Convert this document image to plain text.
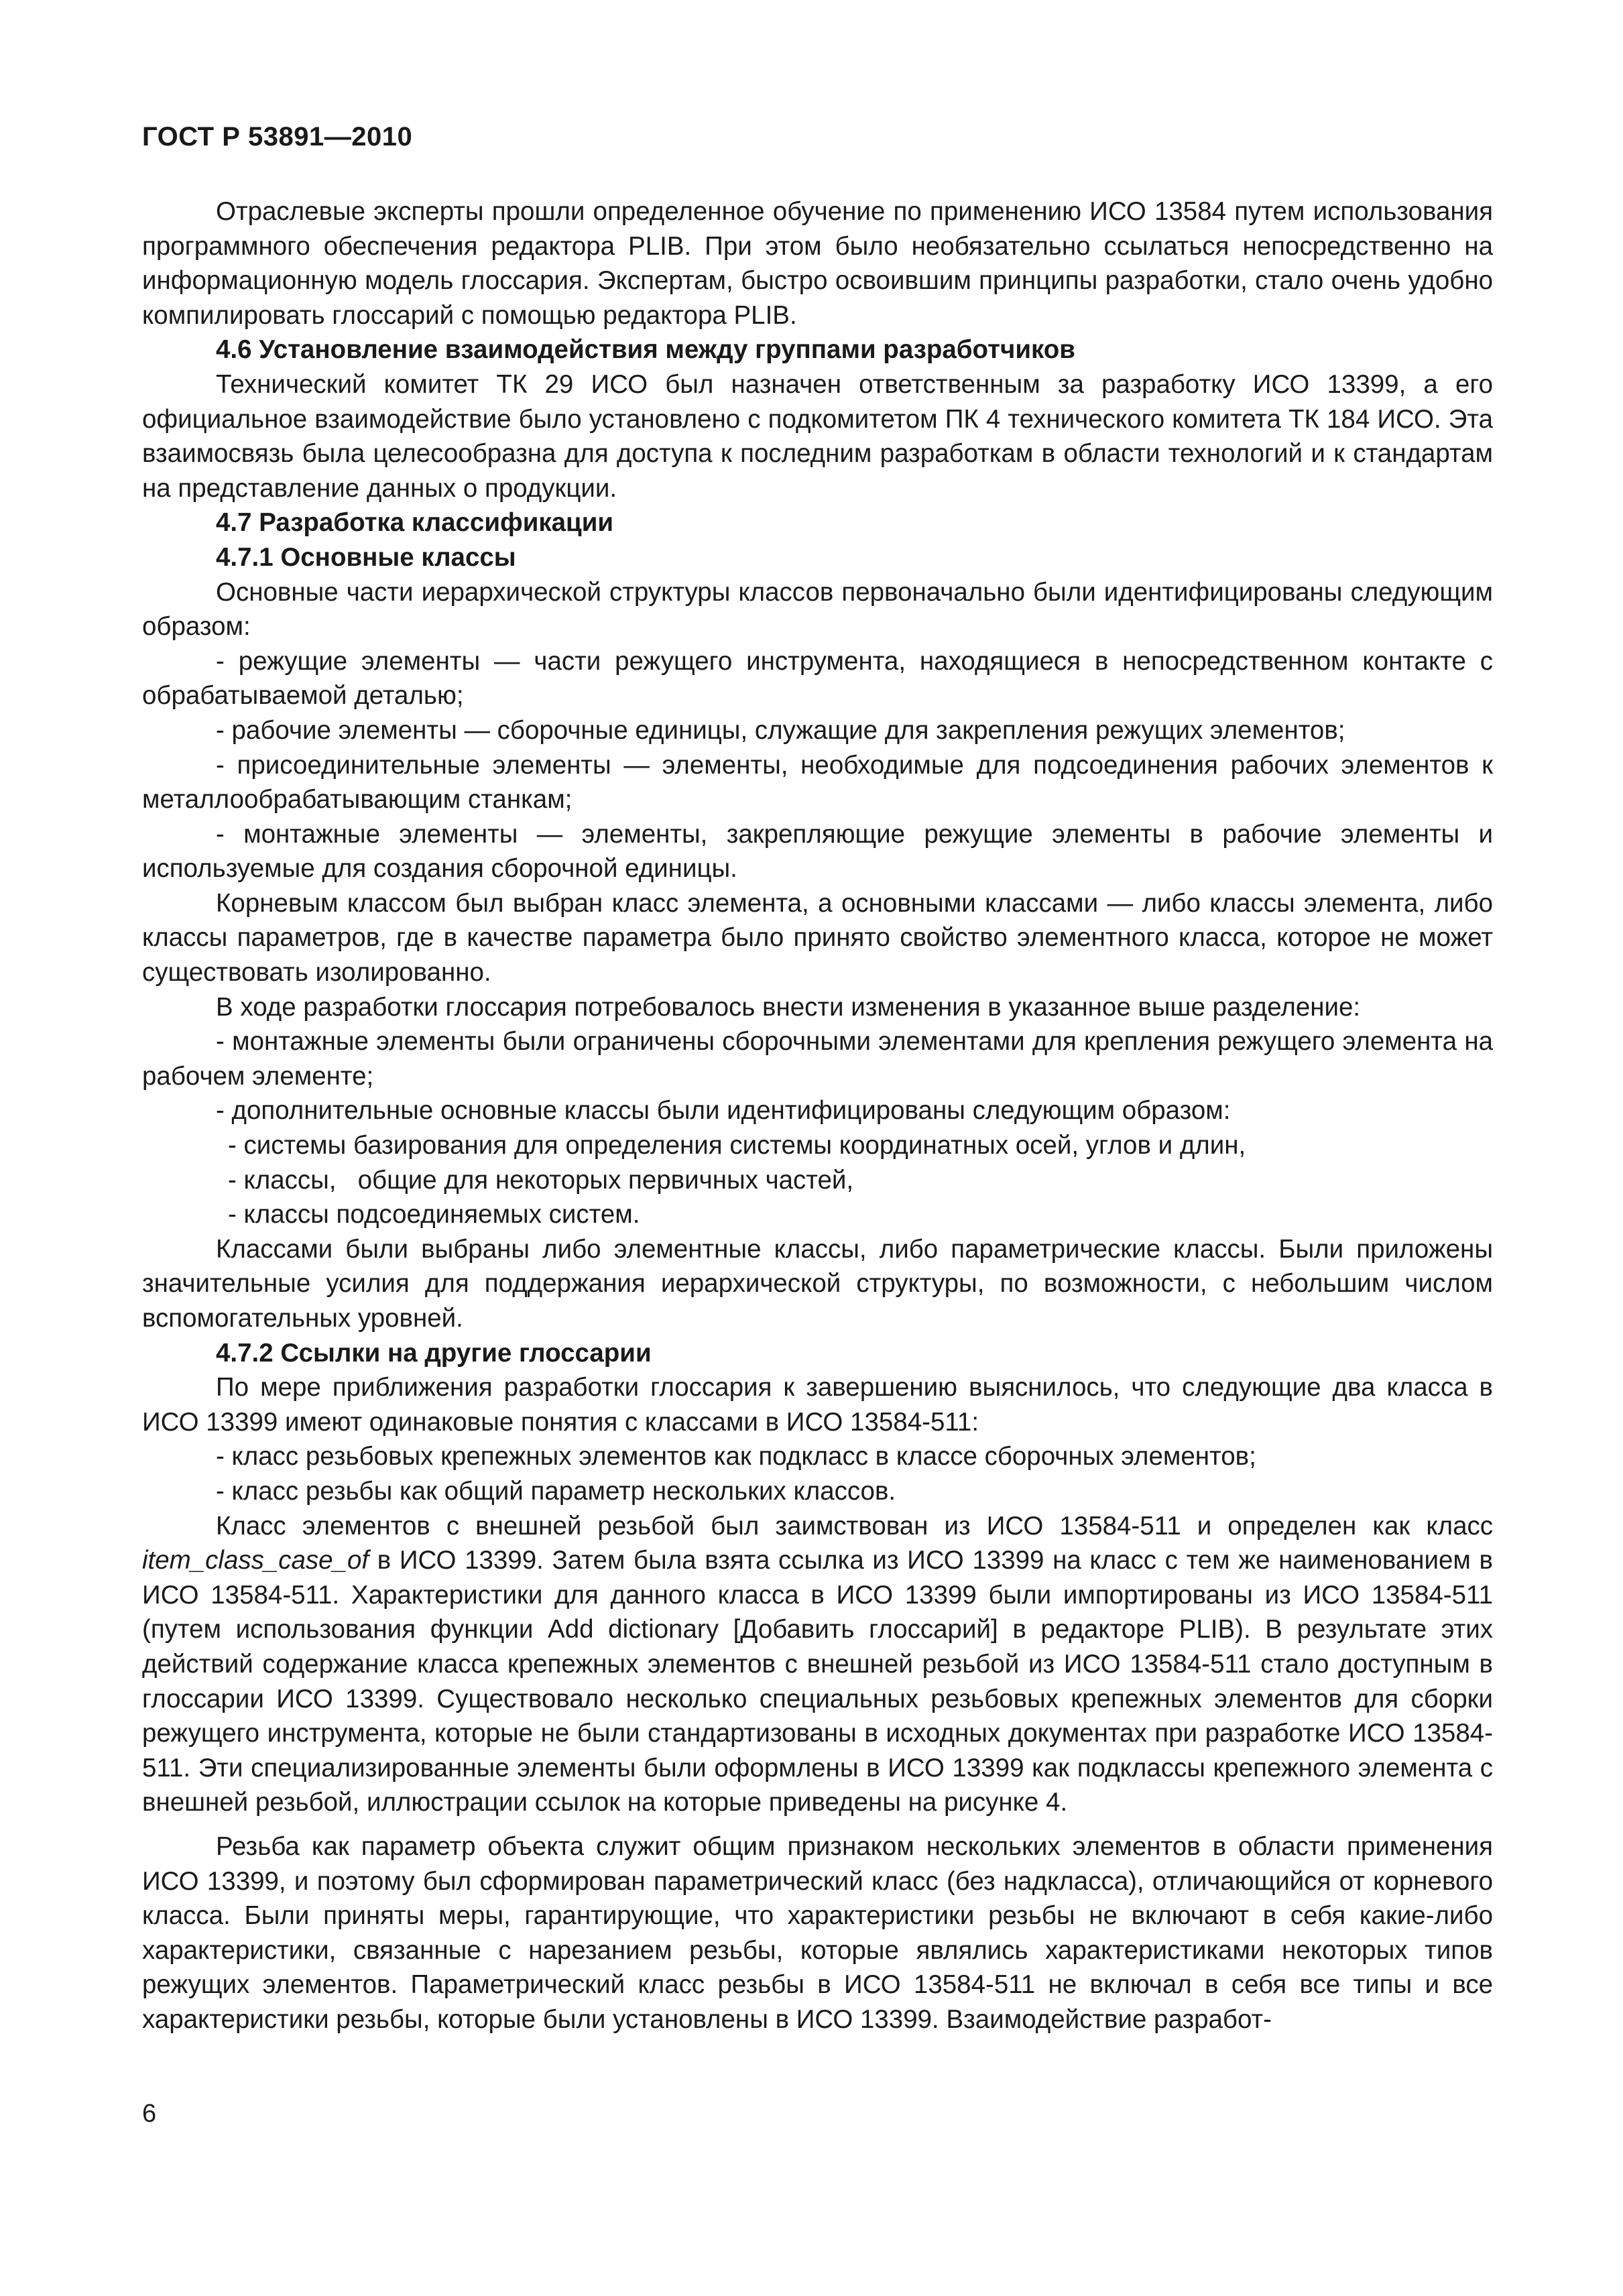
ГОСТ Р 53891—2010

Отраслевые эксперты прошли определенное обучение по применению ИСО 13584 путем использования программного обеспечения редактора PLIB. При этом было необязательно ссылаться непосредственно на информационную модель глоссария. Экспертам, быстро освоившим принципы разработки, стало очень удобно компилировать глоссарий с помощью редактора PLIB.

4.6 Установление взаимодействия между группами разработчиков

Технический комитет ТК 29 ИСО был назначен ответственным за разработку ИСО 13399, а его официальное взаимодействие было установлено с подкомитетом ПК 4 технического комитета ТК 184 ИСО. Эта взаимосвязь была целесообразна для доступа к последним разработкам в области технологий и к стандартам на представление данных о продукции.

4.7 Разработка классификации

4.7.1 Основные классы

Основные части иерархической структуры классов первоначально были идентифицированы следующим образом:

- режущие элементы — части режущего инструмента, находящиеся в непосредственном контакте с обрабатываемой деталью;

- рабочие элементы — сборочные единицы, служащие для закрепления режущих элементов;

- присоединительные элементы — элементы, необходимые для подсоединения рабочих элементов к металлообрабатывающим станкам;

- монтажные элементы — элементы, закрепляющие режущие элементы в рабочие элементы и используемые для создания сборочной единицы.

Корневым классом был выбран класс элемента, а основными классами — либо классы элемента, либо классы параметров, где в качестве параметра было принято свойство элементного класса, которое не может существовать изолированно.

В ходе разработки глоссария потребовалось внести изменения в указанное выше разделение:

- монтажные элементы были ограничены сборочными элементами для крепления режущего элемента на рабочем элементе;

- дополнительные основные классы были идентифицированы следующим образом:

- системы базирования для определения системы координатных осей, углов и длин,

- классы,   общие для некоторых первичных частей,

- классы подсоединяемых систем.

Классами были выбраны либо элементные классы, либо параметрические классы. Были приложены значительные усилия для поддержания иерархической структуры, по возможности, с небольшим числом вспомогательных уровней.

4.7.2 Ссылки на другие глоссарии

По мере приближения разработки глоссария к завершению выяснилось, что следующие два класса в ИСО 13399 имеют одинаковые понятия с классами в ИСО 13584-511:

- класс резьбовых крепежных элементов как подкласс в классе сборочных элементов;

- класс резьбы как общий параметр нескольких классов.

Класс элементов с внешней резьбой был заимствован из ИСО 13584-511 и определен как класс item_class_case_of в ИСО 13399. Затем была взята ссылка из ИСО 13399 на класс с тем же наименованием в ИСО 13584-511. Характеристики для данного класса в ИСО 13399 были импортированы из ИСО 13584-511 (путем использования функции Add dictionary [Добавить глоссарий] в редакторе PLIB). В результате этих действий содержание класса крепежных элементов с внешней резьбой из ИСО 13584-511 стало доступным в глоссарии ИСО 13399. Существовало несколько специальных резьбовых крепежных элементов для сборки режущего инструмента, которые не были стандартизованы в исходных документах при разработке ИСО 13584-511. Эти специализированные элементы были оформлены в ИСО 13399 как подклассы крепежного элемента с внешней резьбой, иллюстрации ссылок на которые приведены на рисунке 4.

Резьба как параметр объекта служит общим признаком нескольких элементов в области применения ИСО 13399, и поэтому был сформирован параметрический класс (без надкласса), отличающийся от корневого класса. Были приняты меры, гарантирующие, что характеристики резьбы не включают в себя какие-либо характеристики, связанные с нарезанием резьбы, которые являлись характеристиками некоторых типов режущих элементов. Параметрический класс резьбы в ИСО 13584-511 не включал в себя все типы и все характеристики резьбы, которые были установлены в ИСО 13399. Взаимодействие разработ-

6
